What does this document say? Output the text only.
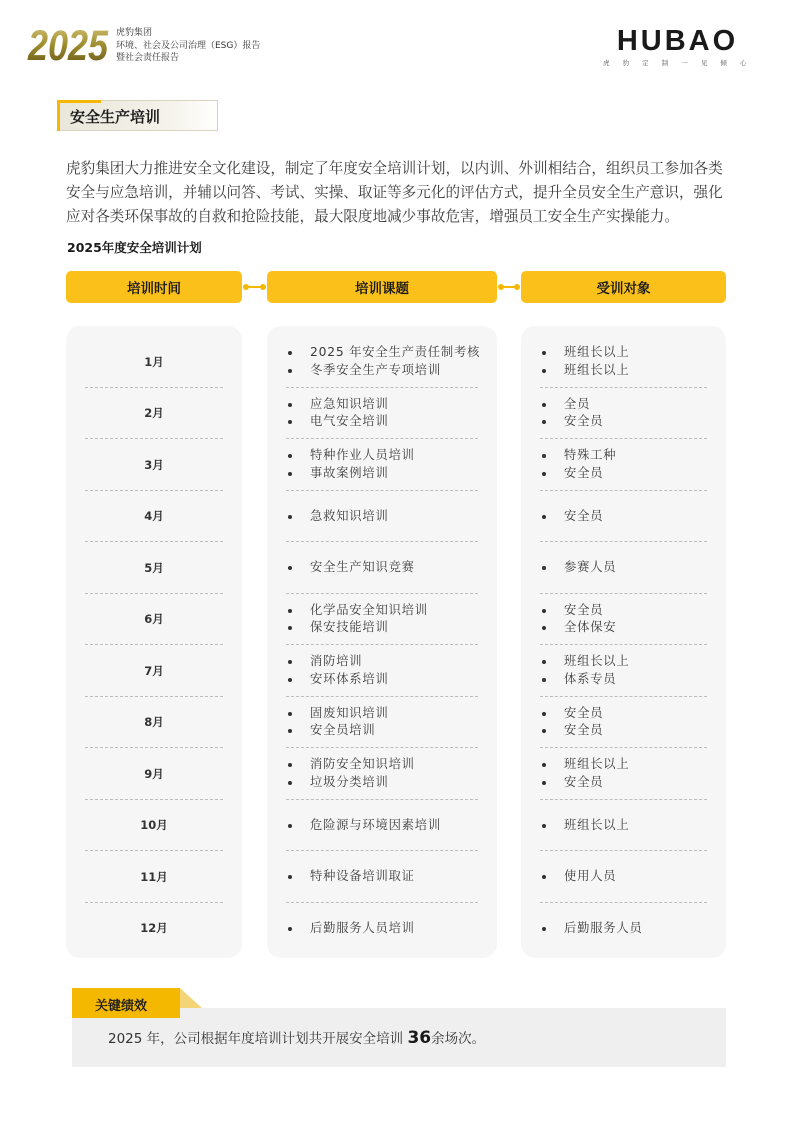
2025 虎豹集团
环境、社会及公司治理（ESG）报告
暨社会责任报告
HUBAO
虎 豹 定 制 一 见 倾 心
安全生产培训

虎豹集团大力推进安全文化建设，制定了年度安全培训计划，以内训、外训相结合，组织员工参加各类 安全与应急培训，并辅以问答、考试、实操、取证等多元化的评估方式，提升全员安全生产意识，强化 应对各类环保事故的自救和抢险技能，最大限度地减少事故危害，增强员工安全生产实操能力。

2025年度安全培训计划
培训时间	培训课题	受训对象
1月
2月
3月
4月
5月
6月
7月
8月
9月
10月
11月
12月
2025 年安全生产责任制考核
冬季安全生产专项培训
应急知识培训
电气安全培训
特种作业人员培训
事故案例培训
急救知识培训
安全生产知识竞赛
化学品安全知识培训
保安技能培训
消防培训
安环体系培训
固废知识培训
安全员培训
消防安全知识培训
垃圾分类培训
危险源与环境因素培训
特种设备培训取证
后勤服务人员培训
班组长以上
班组长以上
全员
安全员
特殊工种
安全员
安全员
参赛人员
安全员
全体保安
班组长以上
体系专员
安全员
安全员
班组长以上
安全员
班组长以上
使用人员
后勤服务人员
关键绩效
2025 年，公司根据年度培训计划共开展安全培训 36余场次。
